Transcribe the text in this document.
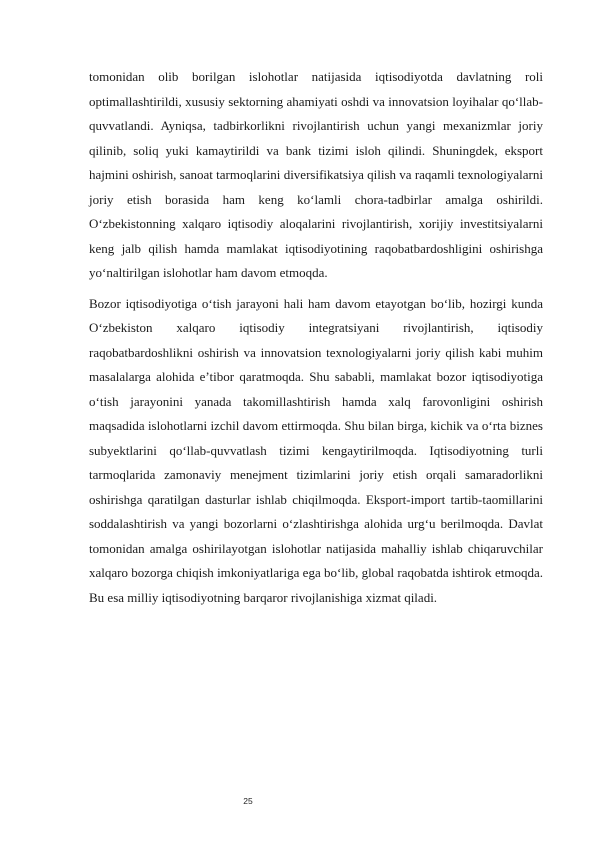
tomonidan olib borilgan islohotlar natijasida iqtisodiyotda davlatning roli optimallashtirildi, xususiy sektorning ahamiyati oshdi va innovatsion loyihalar qo‘llab-quvvatlandi. Ayniqsa, tadbirkorlikni rivojlantirish uchun yangi mexanizmlar joriy qilinib, soliq yuki kamaytirildi va bank tizimi isloh qilindi. Shuningdek, eksport hajmini oshirish, sanoat tarmoqlarini diversifikatsiya qilish va raqamli texnologiyalarni joriy etish borasida ham keng ko‘lamli chora-tadbirlar amalga oshirildi. O‘zbekistonning xalqaro iqtisodiy aloqalarini rivojlantirish, xorijiy investitsiyalarni keng jalb qilish hamda mamlakat iqtisodiyotining raqobatbardoshligini oshirishga yo‘naltirilgan islohotlar ham davom etmoqda.

Bozor iqtisodiyotiga o‘tish jarayoni hali ham davom etayotgan bo‘lib, hozirgi kunda O‘zbekiston xalqaro iqtisodiy integratsiyani rivojlantirish, iqtisodiy raqobatbardoshlikni oshirish va innovatsion texnologiyalarni joriy qilish kabi muhim masalalarga alohida e’tibor qaratmoqda. Shu sababli, mamlakat bozor iqtisodiyotiga o‘tish jarayonini yanada takomillashtirish hamda xalq farovonligini oshirish maqsadida islohotlarni izchil davom ettirmoqda. Shu bilan birga, kichik va o‘rta biznes subyektlarini qo‘llab-quvvatlash tizimi kengaytirilmoqda. Iqtisodiyotning turli tarmoqlarida zamonaviy menejment tizimlarini joriy etish orqali samaradorlikni oshirishga qaratilgan dasturlar ishlab chiqilmoqda. Eksport-import tartib-taomillarini soddalashtirish va yangi bozorlarni o‘zlashtirishga alohida urg‘u berilmoqda. Davlat tomonidan amalga oshirilayotgan islohotlar natijasida mahalliy ishlab chiqaruvchilar xalqaro bozorga chiqish imkoniyatlariga ega bo‘lib, global raqobatda ishtirok etmoqda. Bu esa milliy iqtisodiyotning barqaror rivojlanishiga xizmat qiladi.

25
